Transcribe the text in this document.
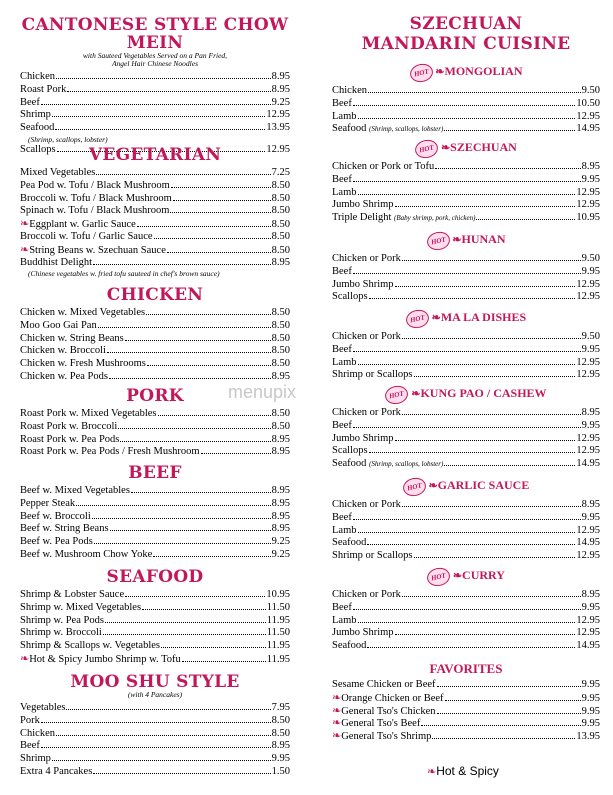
CANTONESE STYLE CHOW MEIN
with Sauteed Vegetables Served on a Pan Fried,
Angel Hair Chinese Noodles
Chicken	8.95
Roast Pork	8.95
Beef	9.25
Shrimp	12.95
Seafood	13.95
(Shrimp, scallops, lobster)
Scallops	12.95
VEGETARIAN
Mixed Vegetables	7.25
Pea Pod w. Tofu / Black Mushroom	8.50
Broccoli w. Tofu / Black Mushroom	8.50
Spinach w. Tofu / Black Mushroom	8.50
❧Eggplant w. Garlic Sauce	8.50
Broccoli w. Tofu / Garlic Sauce	8.50
❧String Beans w. Szechuan Sauce	8.50
Buddhist Delight	8.95
(Chinese vegetables w. fried tofu sauteed in chef's brown sauce)
CHICKEN
Chicken w. Mixed Vegetables	8.50
Moo Goo Gai Pan	8.50
Chicken w. String Beans	8.50
Chicken w. Broccoli	8.50
Chicken w. Fresh Mushrooms	8.50
Chicken w. Pea Pods	8.95
PORK
Roast Pork w. Mixed Vegetables	8.50
Roast Pork w. Broccoli	8.50
Roast Pork w. Pea Pods	8.95
Roast Pork w. Pea Pods / Fresh Mushroom	8.95
BEEF
Beef w. Mixed Vegetables	8.95
Pepper Steak	8.95
Beef w. Broccoli	8.95
Beef w. String Beans	8.95
Beef w. Pea Pods	9.25
Beef w. Mushroom Chow Yoke	9.25
SEAFOOD
Shrimp & Lobster Sauce	10.95
Shrimp w. Mixed Vegetables	11.50
Shrimp w. Pea Pods	11.95
Shrimp w. Broccoli	11.50
Shrimp & Scallops w. Vegetables	11.95
❧Hot & Spicy Jumbo Shrimp w. Tofu	11.95
MOO SHU STYLE
(with 4 Pancakes)
Vegetables	7.95
Pork	8.50
Chicken	8.50
Beef	8.95
Shrimp	9.95
Extra 4 Pancakes	1.50
SZECHUAN
MANDARIN CUISINE
HOT ❧MONGOLIAN
Chicken	9.50
Beef	10.50
Lamb	12.95
Seafood (Shrimp, scallops, lobster)	14.95
HOT ❧SZECHUAN
Chicken or Pork or Tofu	8.95
Beef	9.95
Lamb	12.95
Jumbo Shrimp	12.95
Triple Delight (Baby shrimp, pork, chicken)	10.95
HOT ❧HUNAN
Chicken or Pork	9.50
Beef	9.95
Jumbo Shrimp	12.95
Scallops	12.95
HOT ❧MA LA DISHES
Chicken or Pork	9.50
Beef	9.95
Lamb	12.95
Shrimp or Scallops	12.95
HOT ❧KUNG PAO / CASHEW
Chicken or Pork	8.95
Beef	9.95
Jumbo Shrimp	12.95
Scallops	12.95
Seafood (Shrimp, scallops, lobster)	14.95
HOT ❧GARLIC SAUCE
Chicken or Pork	8.95
Beef	9.95
Lamb	12.95
Seafood	14.95
Shrimp or Scallops	12.95
HOT ❧CURRY
Chicken or Pork	8.95
Beef	9.95
Lamb	12.95
Jumbo Shrimp	12.95
Seafood	14.95
FAVORITES
Sesame Chicken or Beef	9.95
❧Orange Chicken or Beef	9.95
❧General Tso's Chicken	9.95
❧General Tso's Beef	9.95
❧General Tso's Shrimp	13.95
❧Hot & Spicy
menupix
